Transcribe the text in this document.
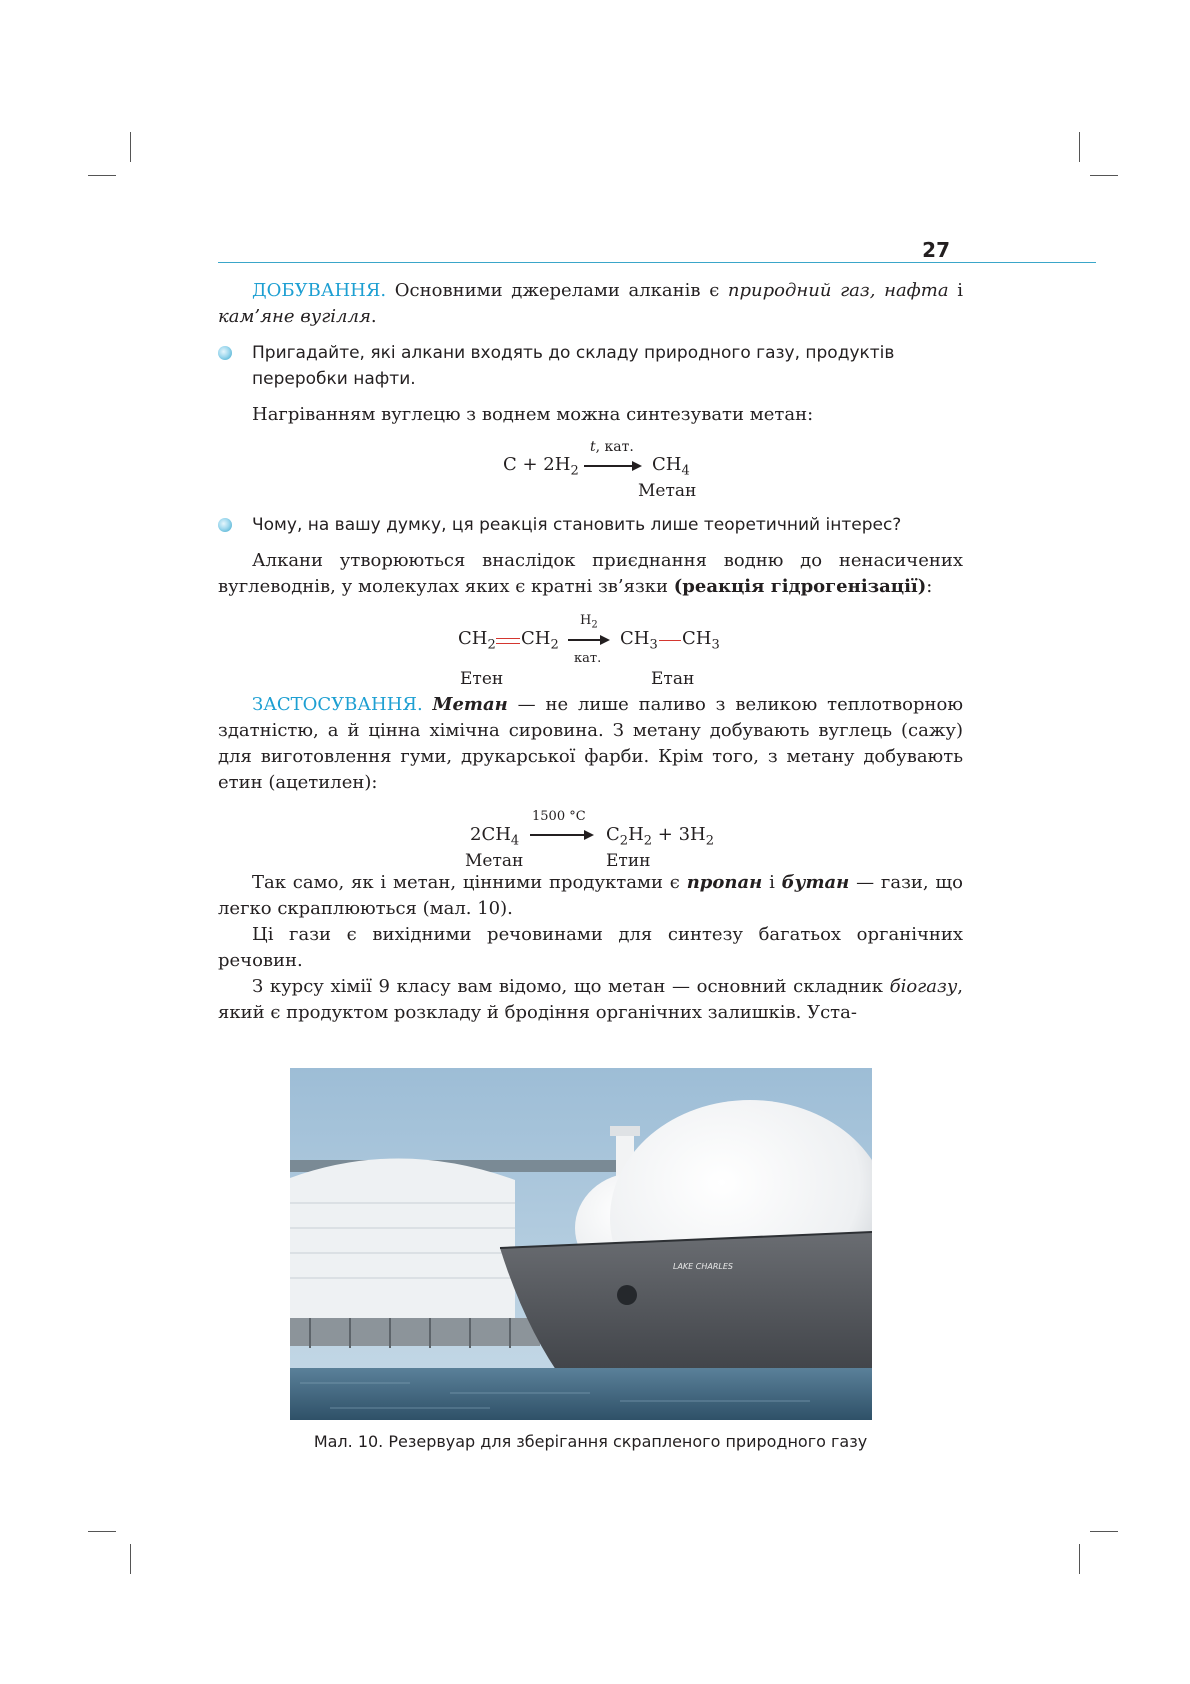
27

ДОБУВАННЯ. Основними джерелами алканів є природний газ, нафта і кам’яне вугілля.

Пригадайте, які алкани входять до складу природного газу, продуктів переробки нафти.

Нагріванням вуглецю з воднем можна синтезувати метан:

$C + 2H_2$
t, кат.
→ $CH_4$
Метан
Чому, на вашу думку, ця реакція становить лише теоретичний інтерес?

Алкани утворюються внаслідок приєднання водню до ненасичених вуглеводнів, у молекулах яких є кратні зв’язки (реакція гідрогенізації):

$CH_2$ $CH_2$
$H_2$
кат.
$CH_3$ $CH_3$
Етен	Етан

ЗАСТОСУВАННЯ. Метан — не лише паливо з великою теплотворною здатністю, а й цінна хімічна сировина. З метану добувають вуглець (сажу) для виготовлення гуми, друкарської фарби. Крім того, з метану добувають етин (ацетилен):

$2CH_4$
1500 °C
→ $C_2H_2 + 3H_2$
Метан	Етин

Так само, як і метан, цінними продуктами є пропан і бутан — гази, що легко скраплюються (мал. 10).

Ці гази є вихідними речовинами для синтезу багатьох органічних речовин.

З курсу хімії 9 класу вам відомо, що метан — основний складник біогазу, який є продуктом розкладу й бродіння органічних залишків. Уста-

LAKE CHARLES
Мал. 10. Резервуар для зберігання скрапленого природного газу
